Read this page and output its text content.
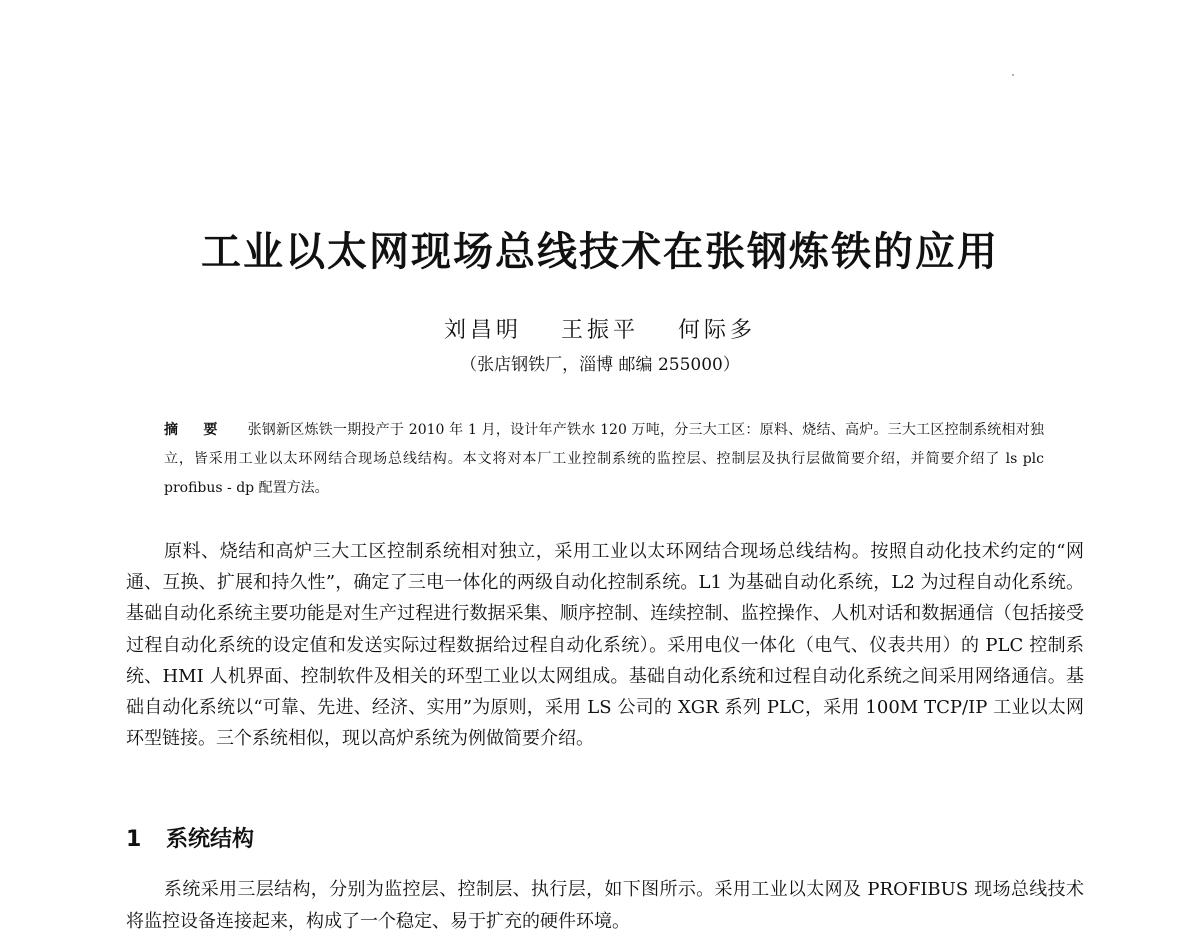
工业以太网现场总线技术在张钢炼铁的应用
刘昌明 王振平 何际多
（张店钢铁厂，淄博 邮编 255000）
摘 要 张钢新区炼铁一期投产于 2010 年 1 月，设计年产铁水 120 万吨，分三大工区：原料、烧结、高炉。三大工区控制系统相对独立，皆采用工业以太环网结合现场总线结构。本文将对本厂工业控制系统的监控层、控制层及执行层做简要介绍，并简要介绍了 ls plc profibus - dp 配置方法。

原料、烧结和高炉三大工区控制系统相对独立，采用工业以太环网结合现场总线结构。按照自动化技术约定的“网通、互换、扩展和持久性”，确定了三电一体化的两级自动化控制系统。L1 为基础自动化系统，L2 为过程自动化系统。基础自动化系统主要功能是对生产过程进行数据采集、顺序控制、连续控制、监控操作、人机对话和数据通信（包括接受过程自动化系统的设定值和发送实际过程数据给过程自动化系统）。采用电仪一体化（电气、仪表共用）的 PLC 控制系统、HMI 人机界面、控制软件及相关的环型工业以太网组成。基础自动化系统和过程自动化系统之间采用网络通信。基础自动化系统以“可靠、先进、经济、实用”为原则，采用 LS 公司的 XGR 系列 PLC，采用 100M TCP/IP 工业以太网环型链接。三个系统相似，现以高炉系统为例做简要介绍。

1 系统结构

系统采用三层结构，分别为监控层、控制层、执行层，如下图所示。采用工业以太网及 PROFIBUS 现场总线技术将监控设备连接起来，构成了一个稳定、易于扩充的硬件环境。
